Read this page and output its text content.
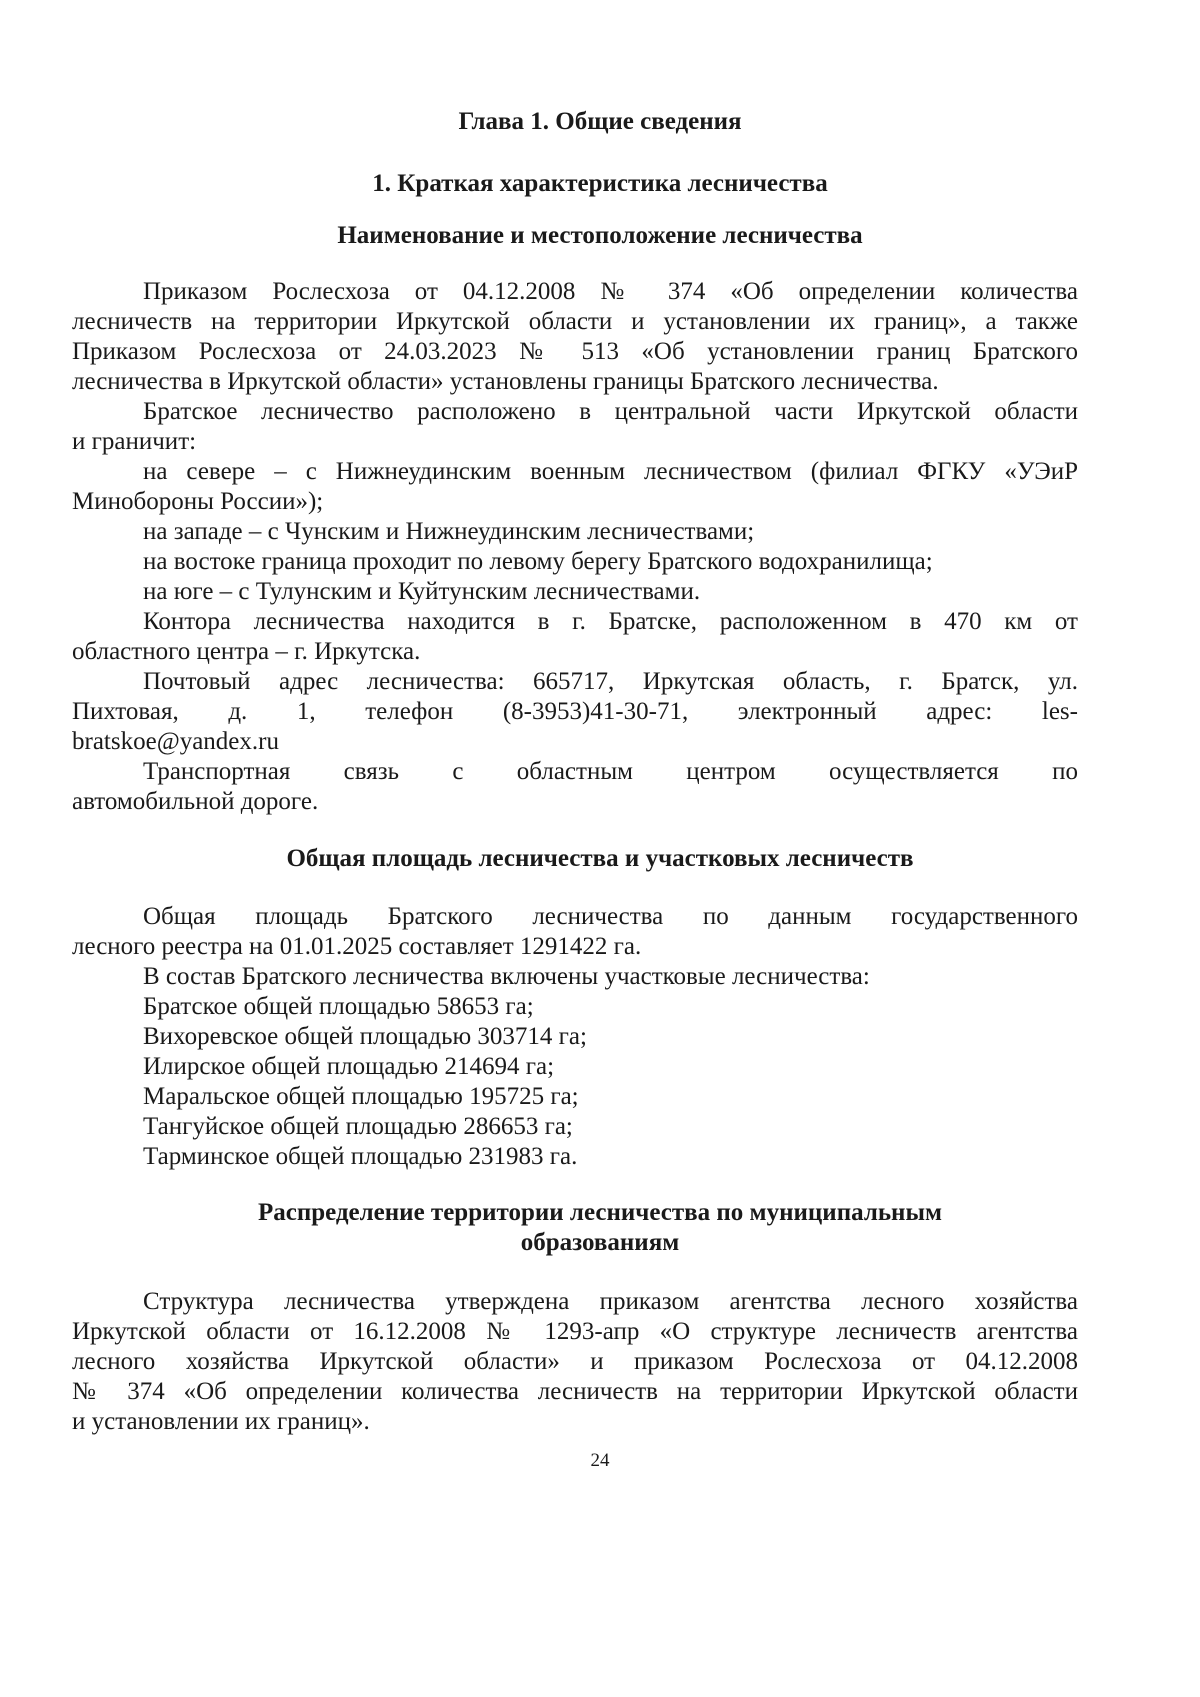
Глава 1. Общие сведения
1. Краткая характеристика лесничества
Наименование и местоположение лесничества
Приказом Рослесхоза от 04.12.2008 № 374 «Об определении количества
лесничеств на территории Иркутской области и установлении их границ», а также
Приказом Рослесхоза от 24.03.2023 № 513 «Об установлении границ Братского
лесничества в Иркутской области» установлены границы Братского лесничества.
Братское лесничество расположено в центральной части Иркутской области
и граничит:
на севере – с Нижнеудинским военным лесничеством (филиал ФГКУ «УЭиР
Минобороны России»);
на западе – с Чунским и Нижнеудинским лесничествами;
на востоке граница проходит по левому берегу Братского водохранилища;
на юге – с Тулунским и Куйтунским лесничествами.
Контора лесничества находится в г. Братске, расположенном в 470 км от
областного центра – г. Иркутска.
Почтовый адрес лесничества: 665717, Иркутская область, г. Братск, ул.
Пихтовая, д. 1, телефон (8-3953)41-30-71, электронный адрес: les-
bratskoe@yandex.ru
Транспортная связь с областным центром осуществляется по
автомобильной дороге.
Общая площадь лесничества и участковых лесничеств
Общая площадь Братского лесничества по данным государственного
лесного реестра на 01.01.2025 составляет 1291422 га.
В состав Братского лесничества включены участковые лесничества:
Братское общей площадью 58653 га;
Вихоревское общей площадью 303714 га;
Илирское общей площадью 214694 га;
Маральское общей площадью 195725 га;
Тангуйское общей площадью 286653 га;
Тарминское общей площадью 231983 га.
Распределение территории лесничества по муниципальным
образованиям
Структура лесничества утверждена приказом агентства лесного хозяйства
Иркутской области от 16.12.2008 № 1293-апр «О структуре лесничеств агентства
лесного хозяйства Иркутской области» и приказом Рослесхоза от 04.12.2008
№ 374 «Об определении количества лесничеств на территории Иркутской области
и установлении их границ».
24
